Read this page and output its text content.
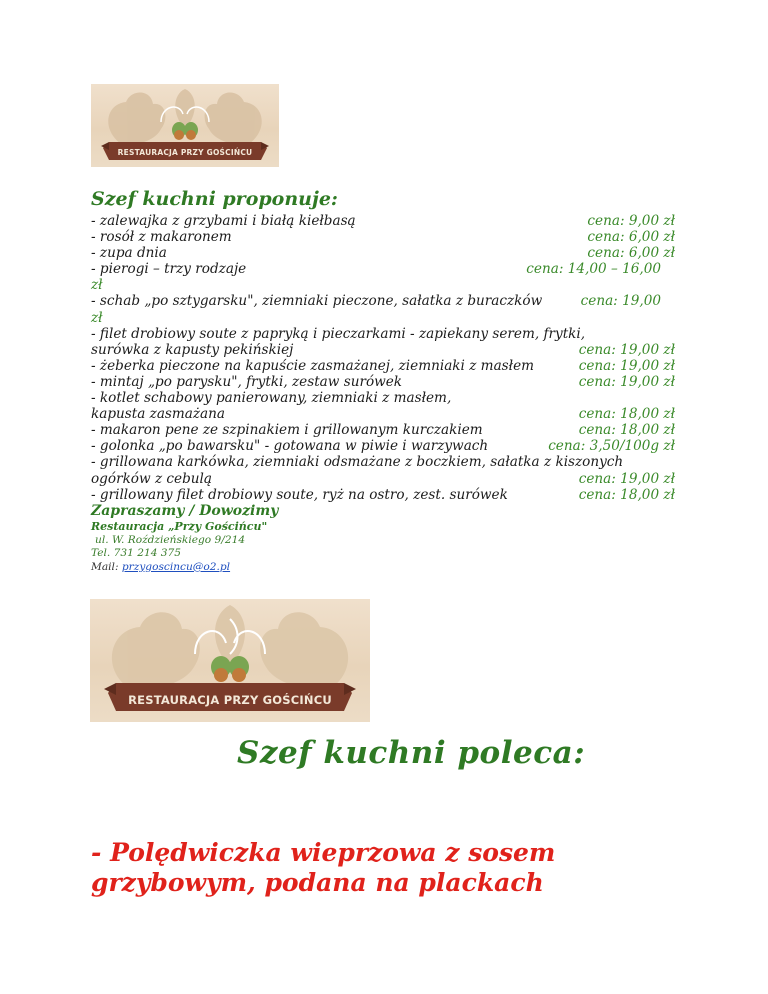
RESTAURACJA PRZY GOŚCIŃCU
Szef kuchni proponuje:
- zalewajka z grzybami i białą kiełbasą	cena: 9,00 zł
- rosół z makaronem	cena: 6,00 zł
- zupa dnia	cena: 6,00 zł
- pierogi – trzy rodzaje	cena: 14,00 – 16,00
zł
- schab „po sztygarsku", ziemniaki pieczone, sałatka z buraczków	cena: 19,00
zł
- filet drobiowy soute z papryką i pieczarkami - zapiekany serem, frytki,
surówka z kapusty pekińskiej	cena: 19,00 zł
- żeberka pieczone na kapuście zasmażanej, ziemniaki z masłem	cena: 19,00 zł
- mintaj „po parysku", frytki, zestaw surówek	cena: 19,00 zł
- kotlet schabowy panierowany, ziemniaki z masłem,
kapusta zasmażana	cena: 18,00 zł
- makaron pene ze szpinakiem i grillowanym kurczakiem	cena: 18,00 zł
- golonka „po bawarsku" - gotowana w piwie i warzywach	cena: 3,50/100g zł
- grillowana karkówka, ziemniaki odsmażane z boczkiem, sałatka z kiszonych
ogórków z cebulą	cena: 19,00 zł
- grillowany filet drobiowy soute, ryż na ostro, zest. surówek	cena: 18,00 zł
Zapraszamy / Dowozimy
Restauracja „Przy Gościńcu"
ul. W. Roździeńskiego 9/214
Tel. 731 214 375
Mail: przygoscincu@o2.pl
RESTAURACJA PRZY GOŚCIŃCU
Szef kuchni poleca:
- Polędwiczka wieprzowa z sosem
grzybowym, podana na plackach
